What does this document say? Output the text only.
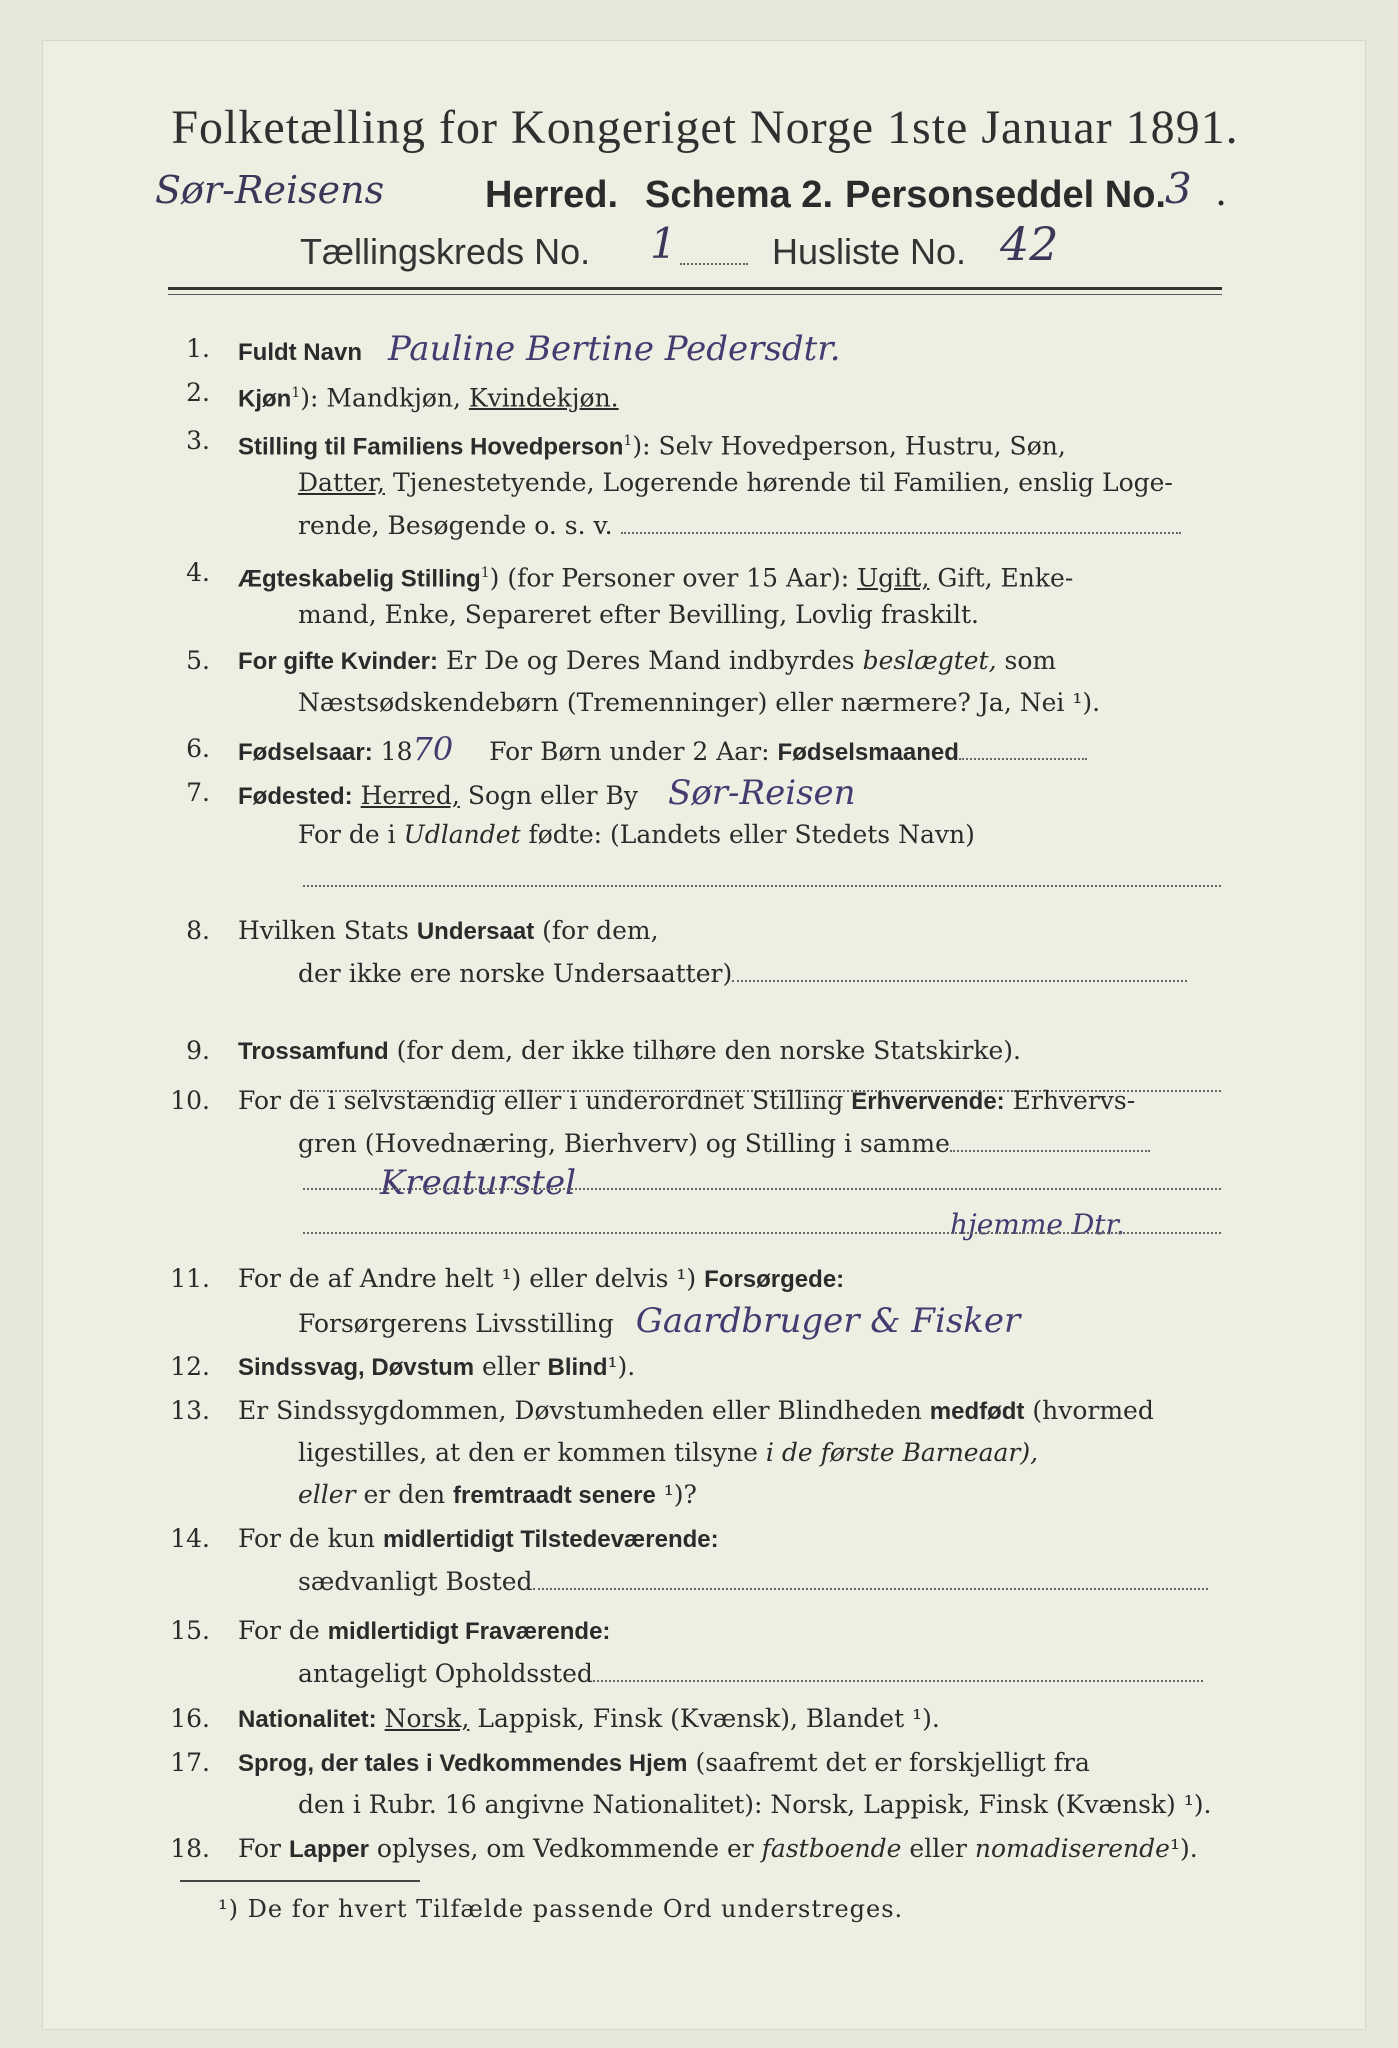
Folketælling for Kongeriget Norge 1ste Januar 1891.
Sør-Reisens	Herred. Schema 2. Personseddel No. 3 .
Tællingskreds No. 1	Husliste No. 42
1. Fuldt Navn Pauline Bertine Pedersdtr.
2. Kjøn$^1$): Mandkjøn, Kvindekjøn.
3. Stilling til Familiens Hovedperson$^1$): Selv Hovedperson, Hustru, Søn,
Datter, Tjenestetyende, Logerende hørende til Familien, enslig Loge-
rende, Besøgende o. s. v.
4. Ægteskabelig Stilling$^1$) (for Personer over 15 Aar): Ugift, Gift, Enke-
mand, Enke, Separeret efter Bevilling, Lovlig fraskilt.
5. For gifte Kvinder: Er De og Deres Mand indbyrdes beslægtet, som
Næstsødskendebørn (Tremenninger) eller nærmere? Ja, Nei ¹).
6. Fødselsaar: 1870 For Børn under 2 Aar: Fødselsmaaned
7. Fødested: Herred, Sogn eller By Sør-Reisen
For de i Udlandet fødte: (Landets eller Stedets Navn)
8. Hvilken Stats Undersaat (for dem,
der ikke ere norske Undersaatter)
9. Trossamfund (for dem, der ikke tilhøre den norske Statskirke).
10. For de i selvstændig eller i underordnet Stilling Erhvervende: Erhvervs-
gren (Hovednæring, Bierhverv) og Stilling i samme
Kreaturstel
hjemme Dtr.
11. For de af Andre helt ¹) eller delvis ¹) Forsørgede:
Forsørgerens Livsstilling Gaardbruger & Fisker
12. Sindssvag, Døvstum eller Blind¹).
13. Er Sindssygdommen, Døvstumheden eller Blindheden medfødt (hvormed
ligestilles, at den er kommen tilsyne i de første Barneaar),
eller er den fremtraadt senere ¹)?
14. For de kun midlertidigt Tilstedeværende:
sædvanligt Bosted
15. For de midlertidigt Fraværende:
antageligt Opholdssted
16. Nationalitet: Norsk, Lappisk, Finsk (Kvænsk), Blandet ¹).
17. Sprog, der tales i Vedkommendes Hjem (saafremt det er forskjelligt fra
den i Rubr. 16 angivne Nationalitet): Norsk, Lappisk, Finsk (Kvænsk) ¹).
18. For Lapper oplyses, om Vedkommende er fastboende eller nomadiserende¹).
¹) De for hvert Tilfælde passende Ord understreges.
